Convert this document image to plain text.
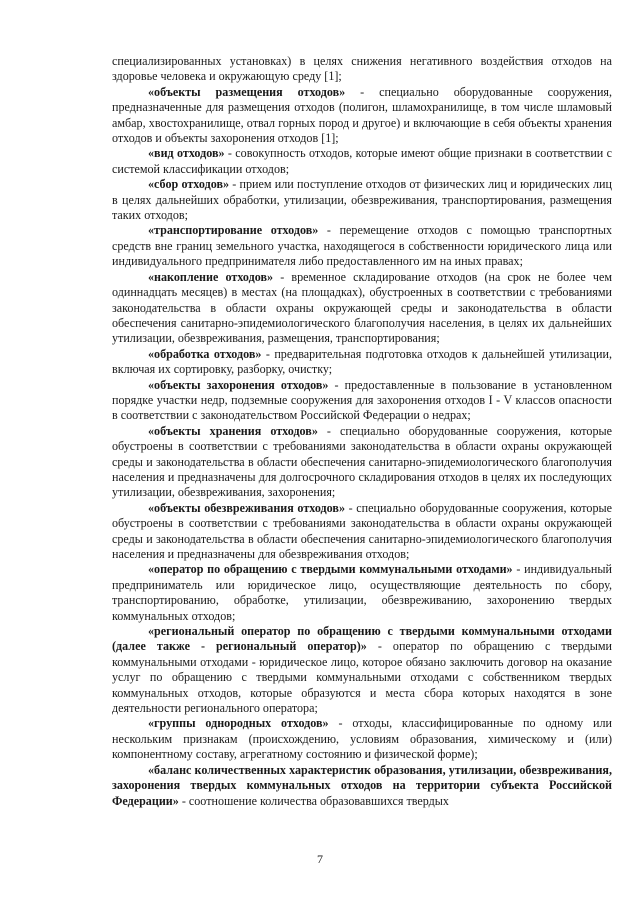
специализированных установках) в целях снижения негативного воздействия отходов на здоровье человека и окружающую среду [1];

«объекты размещения отходов» - специально оборудованные сооружения, предназначенные для размещения отходов (полигон, шламохранилище, в том числе шламовый амбар, хвостохранилище, отвал горных пород и другое) и включающие в себя объекты хранения отходов и объекты захоронения отходов [1];

«вид отходов» - совокупность отходов, которые имеют общие признаки в соответствии с системой классификации отходов;

«сбор отходов» - прием или поступление отходов от физических лиц и юридических лиц в целях дальнейших обработки, утилизации, обезвреживания, транспортирования, размещения таких отходов;

«транспортирование отходов» - перемещение отходов с помощью транспортных средств вне границ земельного участка, находящегося в собственности юридического лица или индивидуального предпринимателя либо предоставленного им на иных правах;

«накопление отходов» - временное складирование отходов (на срок не более чем одиннадцать месяцев) в местах (на площадках), обустроенных в соответствии с требованиями законодательства в области охраны окружающей среды и законодательства в области обеспечения санитарно-эпидемиологического благополучия населения, в целях их дальнейших утилизации, обезвреживания, размещения, транспортирования;

«обработка отходов» - предварительная подготовка отходов к дальнейшей утилизации, включая их сортировку, разборку, очистку;

«объекты захоронения отходов» - предоставленные в пользование в установленном порядке участки недр, подземные сооружения для захоронения отходов I - V классов опасности в соответствии с законодательством Российской Федерации о недрах;

«объекты хранения отходов» - специально оборудованные сооружения, которые обустроены в соответствии с требованиями законодательства в области охраны окружающей среды и законодательства в области обеспечения санитарно-эпидемиологического благополучия населения и предназначены для долгосрочного складирования отходов в целях их последующих утилизации, обезвреживания, захоронения;

«объекты обезвреживания отходов» - специально оборудованные сооружения, которые обустроены в соответствии с требованиями законодательства в области охраны окружающей среды и законодательства в области обеспечения санитарно-эпидемиологического благополучия населения и предназначены для обезвреживания отходов;

«оператор по обращению с твердыми коммунальными отходами» - индивидуальный предприниматель или юридическое лицо, осуществляющие деятельность по сбору, транспортированию, обработке, утилизации, обезвреживанию, захоронению твердых коммунальных отходов;

«региональный оператор по обращению с твердыми коммунальными отходами (далее также - региональный оператор)» - оператор по обращению с твердыми коммунальными отходами - юридическое лицо, которое обязано заключить договор на оказание услуг по обращению с твердыми коммунальными отходами с собственником твердых коммунальных отходов, которые образуются и места сбора которых находятся в зоне деятельности регионального оператора;

«группы однородных отходов» - отходы, классифицированные по одному или нескольким признакам (происхождению, условиям образования, химическому и (или) компонентному составу, агрегатному состоянию и физической форме);

«баланс количественных характеристик образования, утилизации, обезвреживания, захоронения твердых коммунальных отходов на территории субъекта Российской Федерации» - соотношение количества образовавшихся твердых

7
